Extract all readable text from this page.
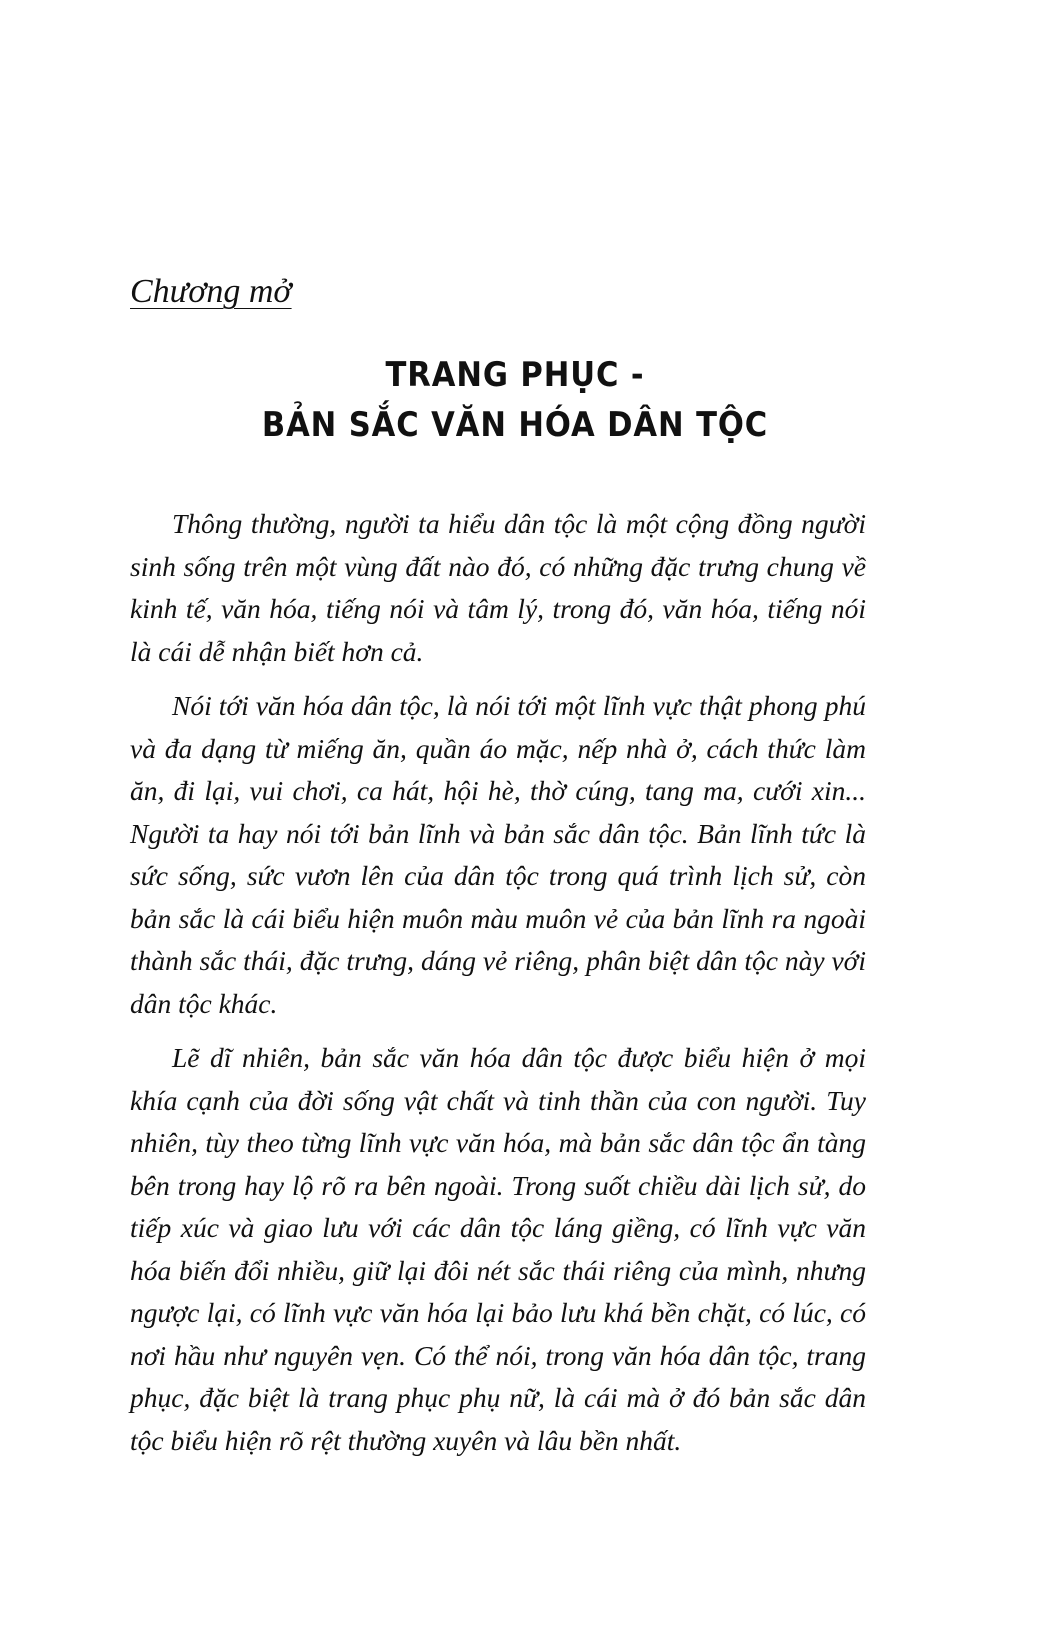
Chương mở

TRANG PHỤC -
BẢN SẮC VĂN HÓA DÂN TỘC

Thông thường, người ta hiểu dân tộc là một cộng đồng người sinh sống trên một vùng đất nào đó, có những đặc trưng chung về kinh tế, văn hóa, tiếng nói và tâm lý, trong đó, văn hóa, tiếng nói là cái dễ nhận biết hơn cả.

Nói tới văn hóa dân tộc, là nói tới một lĩnh vực thật phong phú và đa dạng từ miếng ăn, quần áo mặc, nếp nhà ở, cách thức làm ăn, đi lại, vui chơi, ca hát, hội hè, thờ cúng, tang ma, cưới xin... Người ta hay nói tới bản lĩnh và bản sắc dân tộc. Bản lĩnh tức là sức sống, sức vươn lên của dân tộc trong quá trình lịch sử, còn bản sắc là cái biểu hiện muôn màu muôn vẻ của bản lĩnh ra ngoài thành sắc thái, đặc trưng, dáng vẻ riêng, phân biệt dân tộc này với dân tộc khác.

Lẽ dĩ nhiên, bản sắc văn hóa dân tộc được biểu hiện ở mọi khía cạnh của đời sống vật chất và tinh thần của con người. Tuy nhiên, tùy theo từng lĩnh vực văn hóa, mà bản sắc dân tộc ẩn tàng bên trong hay lộ rõ ra bên ngoài. Trong suốt chiều dài lịch sử, do tiếp xúc và giao lưu với các dân tộc láng giềng, có lĩnh vực văn hóa biến đổi nhiều, giữ lại đôi nét sắc thái riêng của mình, nhưng ngược lại, có lĩnh vực văn hóa lại bảo lưu khá bền chặt, có lúc, có nơi hầu như nguyên vẹn. Có thể nói, trong văn hóa dân tộc, trang phục, đặc biệt là trang phục phụ nữ, là cái mà ở đó bản sắc dân tộc biểu hiện rõ rệt thường xuyên và lâu bền nhất.
